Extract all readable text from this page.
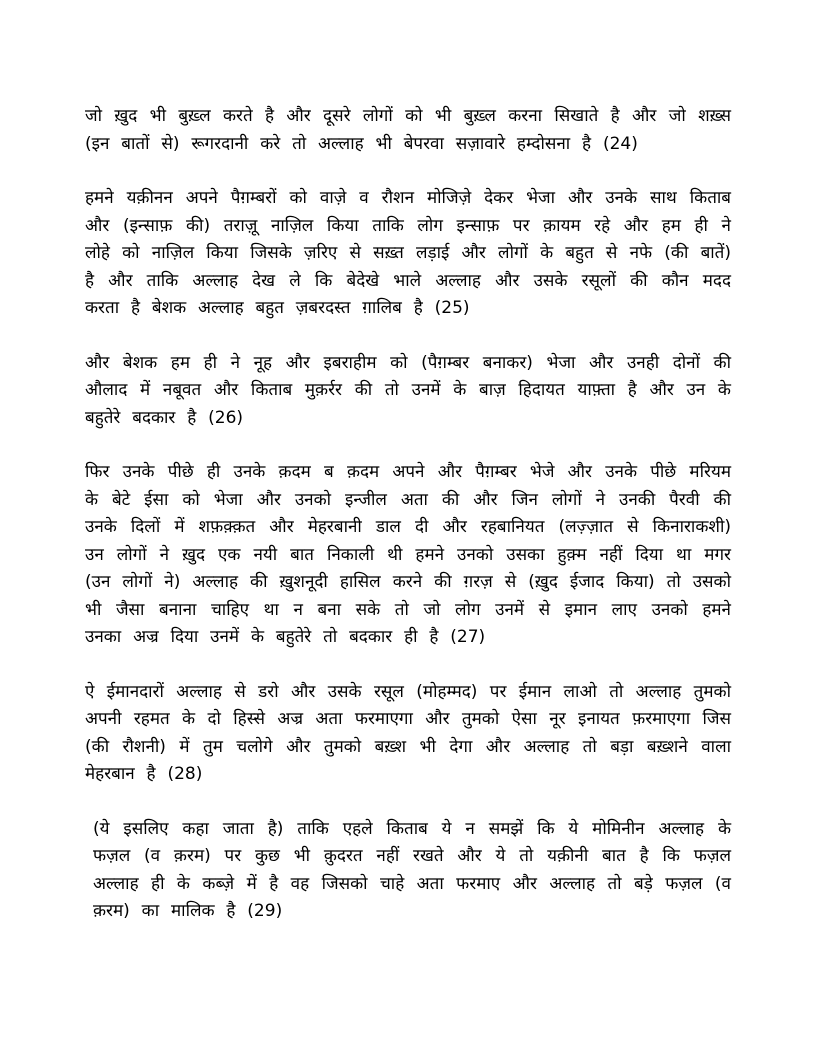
जो ख़ुद भी बुख़्ल करते है और दूसरे लोगों को भी बुख़्ल करना सिखाते है और जो शख़्स (इन बातों से) रूगरदानी करे तो अल्लाह भी बेपरवा सज़ावारे हम्दोसना है (24)

हमने यक़ीनन अपने पैग़म्बरों को वाज़े व रौशन मोजिज़े देकर भेजा और उनके साथ किताब और (इन्साफ़ की) तराजू़ नाज़िल किया ताकि लोग इन्साफ़ पर क़ायम रहे और हम ही ने लोहे को नाज़िल किया जिसके ज़रिए से सख़्त लड़ाई और लोगों के बहुत से नफे (की बातें) है और ताकि अल्लाह देख ले कि बेदेखे भाले अल्लाह और उसके रसूलों की कौन मदद करता है बेशक अल्लाह बहुत ज़बरदस्त ग़ालिब है (25)

और बेशक हम ही ने नूह और इबराहीम को (पैग़म्बर बनाकर) भेजा और उनही दोनों की औलाद में नबूवत और किताब मुक़र्रर की तो उनमें के बाज़ हिदायत याफ़्ता है और उन के बहुतेरे बदकार है (26)

फिर उनके पीछे ही उनके क़दम ब क़दम अपने और पैग़म्बर भेजे और उनके पीछे मरियम के बेटे ईसा को भेजा और उनको इन्जील अता की और जिन लोगों ने उनकी पैरवी की उनके दिलों में शफ़क़्क़त और मेहरबानी डाल दी और रहबानियत (लज़्ज़ात से किनाराकशी) उन लोगों ने ख़ुद एक नयी बात निकाली थी हमने उनको उसका हुक़्म नहीं दिया था मगर (उन लोगों ने) अल्लाह की ख़ुशनूदी हासिल करने की ग़रज़ से (ख़ुद ईजाद किया) तो उसको भी जैसा बनाना चाहिए था न बना सके तो जो लोग उनमें से इमान लाए उनको हमने उनका अज्र दिया उनमें के बहुतेरे तो बदकार ही है (27)

ऐ ईमानदारों अल्लाह से डरो और उसके रसूल (मोहम्मद) पर ईमान लाओ तो अल्लाह तुमको अपनी रहमत के दो हिस्से अज्र अता फरमाएगा और तुमको ऐसा नूर इनायत फ़रमाएगा जिस (की रौशनी) में तुम चलोगे और तुमको बख़्श भी देगा और अल्लाह तो बड़ा बख़्शने वाला मेहरबान है (28)

(ये इसलिए कहा जाता है) ताकि एहले किताब ये न समझें कि ये मोमिनीन अल्लाह के फज़ल (व क़रम) पर कुछ भी क़ुदरत नहीं रखते और ये तो यक़ीनी बात है कि फज़ल अल्लाह ही के कब्ज़े में है वह जिसको चाहे अता फरमाए और अल्लाह तो बड़े फज़ल (व क़रम) का मालिक है (29)
